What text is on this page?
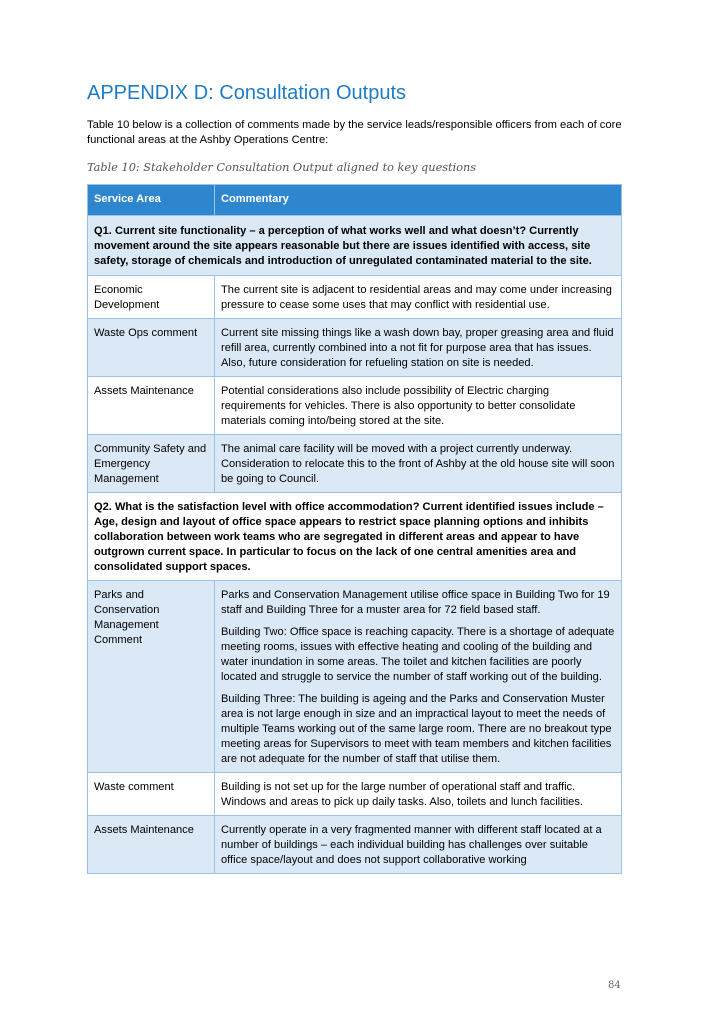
APPENDIX D: Consultation Outputs

Table 10 below is a collection of comments made by the service leads/responsible officers from each of core functional areas at the Ashby Operations Centre:

Table 10: Stakeholder Consultation Output aligned to key questions

Service Area	Commentary
Q1. Current site functionality – a perception of what works well and what doesn’t? Currently movement around the site appears reasonable but there are issues identified with access, site safety, storage of chemicals and introduction of unregulated contaminated material to the site.	
Economic Development	The current site is adjacent to residential areas and may come under increasing pressure to cease some uses that may conflict with residential use.
Waste Ops comment	Current site missing things like a wash down bay, proper greasing area and fluid refill area, currently combined into a not fit for purpose area that has issues. Also, future consideration for refueling station on site is needed.
Assets Maintenance	Potential considerations also include possibility of Electric charging requirements for vehicles. There is also opportunity to better consolidate materials coming into/being stored at the site.
Community Safety and Emergency Management	The animal care facility will be moved with a project currently underway. Consideration to relocate this to the front of Ashby at the old house site will soon be going to Council.
Q2. What is the satisfaction level with office accommodation? Current identified issues include – Age, design and layout of office space appears to restrict space planning options and inhibits collaboration between work teams who are segregated in different areas and appear to have outgrown current space. In particular to focus on the lack of one central amenities area and consolidated support spaces.	
Parks and Conservation Management Comment	Parks and Conservation Management utilise office space in Building Two for 19 staff and Building Three for a muster area for 72 field based staff.

Building Two: Office space is reaching capacity. There is a shortage of adequate meeting rooms, issues with effective heating and cooling of the building and water inundation in some areas. The toilet and kitchen facilities are poorly located and struggle to service the number of staff working out of the building.

Building Three: The building is ageing and the Parks and Conservation Muster area is not large enough in size and an impractical layout to meet the needs of multiple Teams working out of the same large room. There are no breakout type meeting areas for Supervisors to meet with team members and kitchen facilities are not adequate for the number of staff that utilise them.

Waste comment	Building is not set up for the large number of operational staff and traffic. Windows and areas to pick up daily tasks. Also, toilets and lunch facilities.
Assets Maintenance	Currently operate in a very fragmented manner with different staff located at a number of buildings – each individual building has challenges over suitable office space/layout and does not support collaborative working
84
